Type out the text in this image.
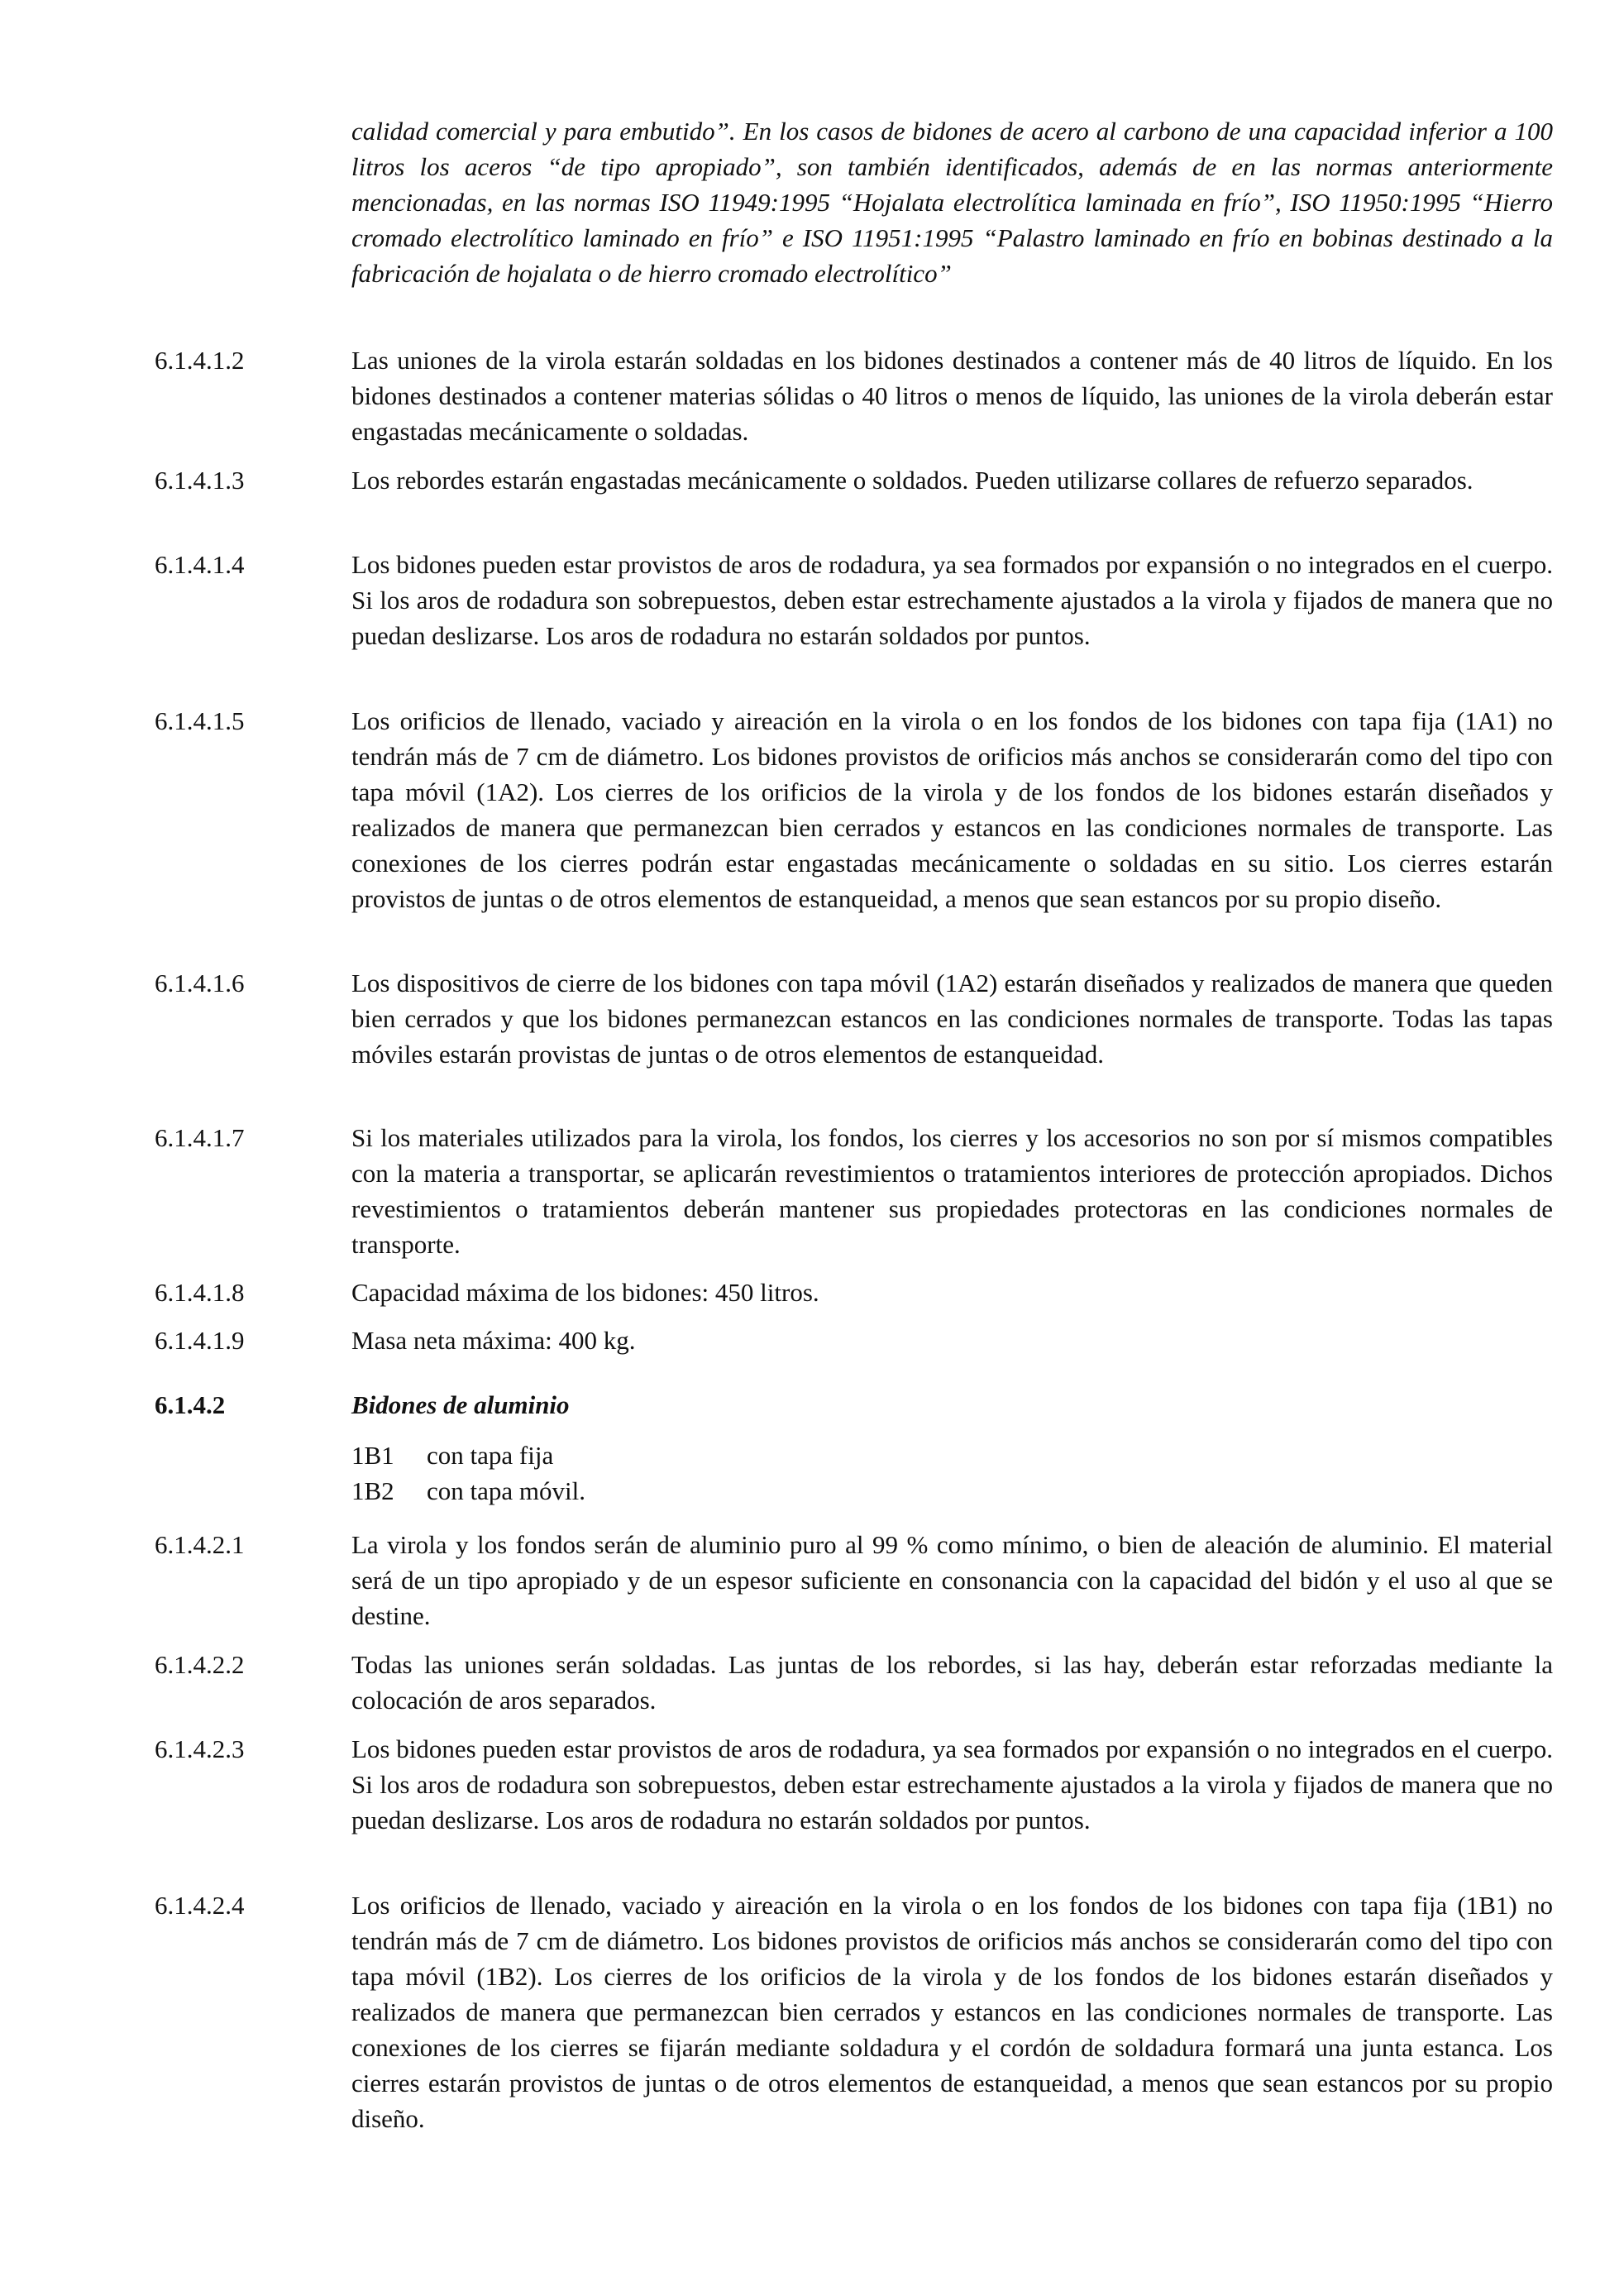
calidad comercial y para embutido”. En los casos de bidones de acero al carbono de una capacidad inferior a 100 litros los aceros “de tipo apropiado”, son también identificados, además de en las normas anteriormente mencionadas, en las normas ISO 11949:1995 “Hojalata electrolítica laminada en frío”, ISO 11950:1995 “Hierro cromado electrolítico laminado en frío” e ISO 11951:1995 “Palastro laminado en frío en bobinas destinado a la fabricación de hojalata o de hierro cromado electrolítico”

6.1.4.1.2	Las uniones de la virola estarán soldadas en los bidones destinados a contener más de 40 litros de líquido. En los bidones destinados a contener materias sólidas o 40 litros o menos de líquido, las uniones de la virola deberán estar engastadas mecánicamente o soldadas.

6.1.4.1.3	Los rebordes estarán engastadas mecánicamente o soldados. Pueden utilizarse collares de refuerzo separados.

6.1.4.1.4	Los bidones pueden estar provistos de aros de rodadura, ya sea formados por expansión o no integrados en el cuerpo. Si los aros de rodadura son sobrepuestos, deben estar estrechamente ajustados a la virola y fijados de manera que no puedan deslizarse. Los aros de rodadura no estarán soldados por puntos.

6.1.4.1.5	Los orificios de llenado, vaciado y aireación en la virola o en los fondos de los bidones con tapa fija (1A1) no tendrán más de 7 cm de diámetro. Los bidones provistos de orificios más anchos se considerarán como del tipo con tapa móvil (1A2). Los cierres de los orificios de la virola y de los fondos de los bidones estarán diseñados y realizados de manera que permanezcan bien cerrados y estancos en las condiciones normales de transporte. Las conexiones de los cierres podrán estar engastadas mecánicamente o soldadas en su sitio. Los cierres estarán provistos de juntas o de otros elementos de estanqueidad, a menos que sean estancos por su propio diseño.

6.1.4.1.6	Los dispositivos de cierre de los bidones con tapa móvil (1A2) estarán diseñados y realizados de manera que queden bien cerrados y que los bidones permanezcan estancos en las condiciones normales de transporte. Todas las tapas móviles estarán provistas de juntas o de otros elementos de estanqueidad.

6.1.4.1.7	Si los materiales utilizados para la virola, los fondos, los cierres y los accesorios no son por sí mismos compatibles con la materia a transportar, se aplicarán revestimientos o tratamientos interiores de protección apropiados. Dichos revestimientos o tratamientos deberán mantener sus propiedades protectoras en las condiciones normales de transporte.

6.1.4.1.8	Capacidad máxima de los bidones: 450 litros.

6.1.4.1.9	Masa neta máxima: 400 kg.

6.1.4.2	Bidones de aluminio

1B1 con tapa fija
1B2 con tapa móvil.
6.1.4.2.1	La virola y los fondos serán de aluminio puro al 99 % como mínimo, o bien de aleación de aluminio. El material será de un tipo apropiado y de un espesor suficiente en consonancia con la capacidad del bidón y el uso al que se destine.

6.1.4.2.2	Todas las uniones serán soldadas. Las juntas de los rebordes, si las hay, deberán estar reforzadas mediante la colocación de aros separados.

6.1.4.2.3	Los bidones pueden estar provistos de aros de rodadura, ya sea formados por expansión o no integrados en el cuerpo. Si los aros de rodadura son sobrepuestos, deben estar estrechamente ajustados a la virola y fijados de manera que no puedan deslizarse. Los aros de rodadura no estarán soldados por puntos.

6.1.4.2.4	Los orificios de llenado, vaciado y aireación en la virola o en los fondos de los bidones con tapa fija (1B1) no tendrán más de 7 cm de diámetro. Los bidones provistos de orificios más anchos se considerarán como del tipo con tapa móvil (1B2). Los cierres de los orificios de la virola y de los fondos de los bidones estarán diseñados y realizados de manera que permanezcan bien cerrados y estancos en las condiciones normales de transporte. Las conexiones de los cierres se fijarán mediante soldadura y el cordón de soldadura formará una junta estanca. Los cierres estarán provistos de juntas o de otros elementos de estanqueidad, a menos que sean estancos por su propio diseño.
